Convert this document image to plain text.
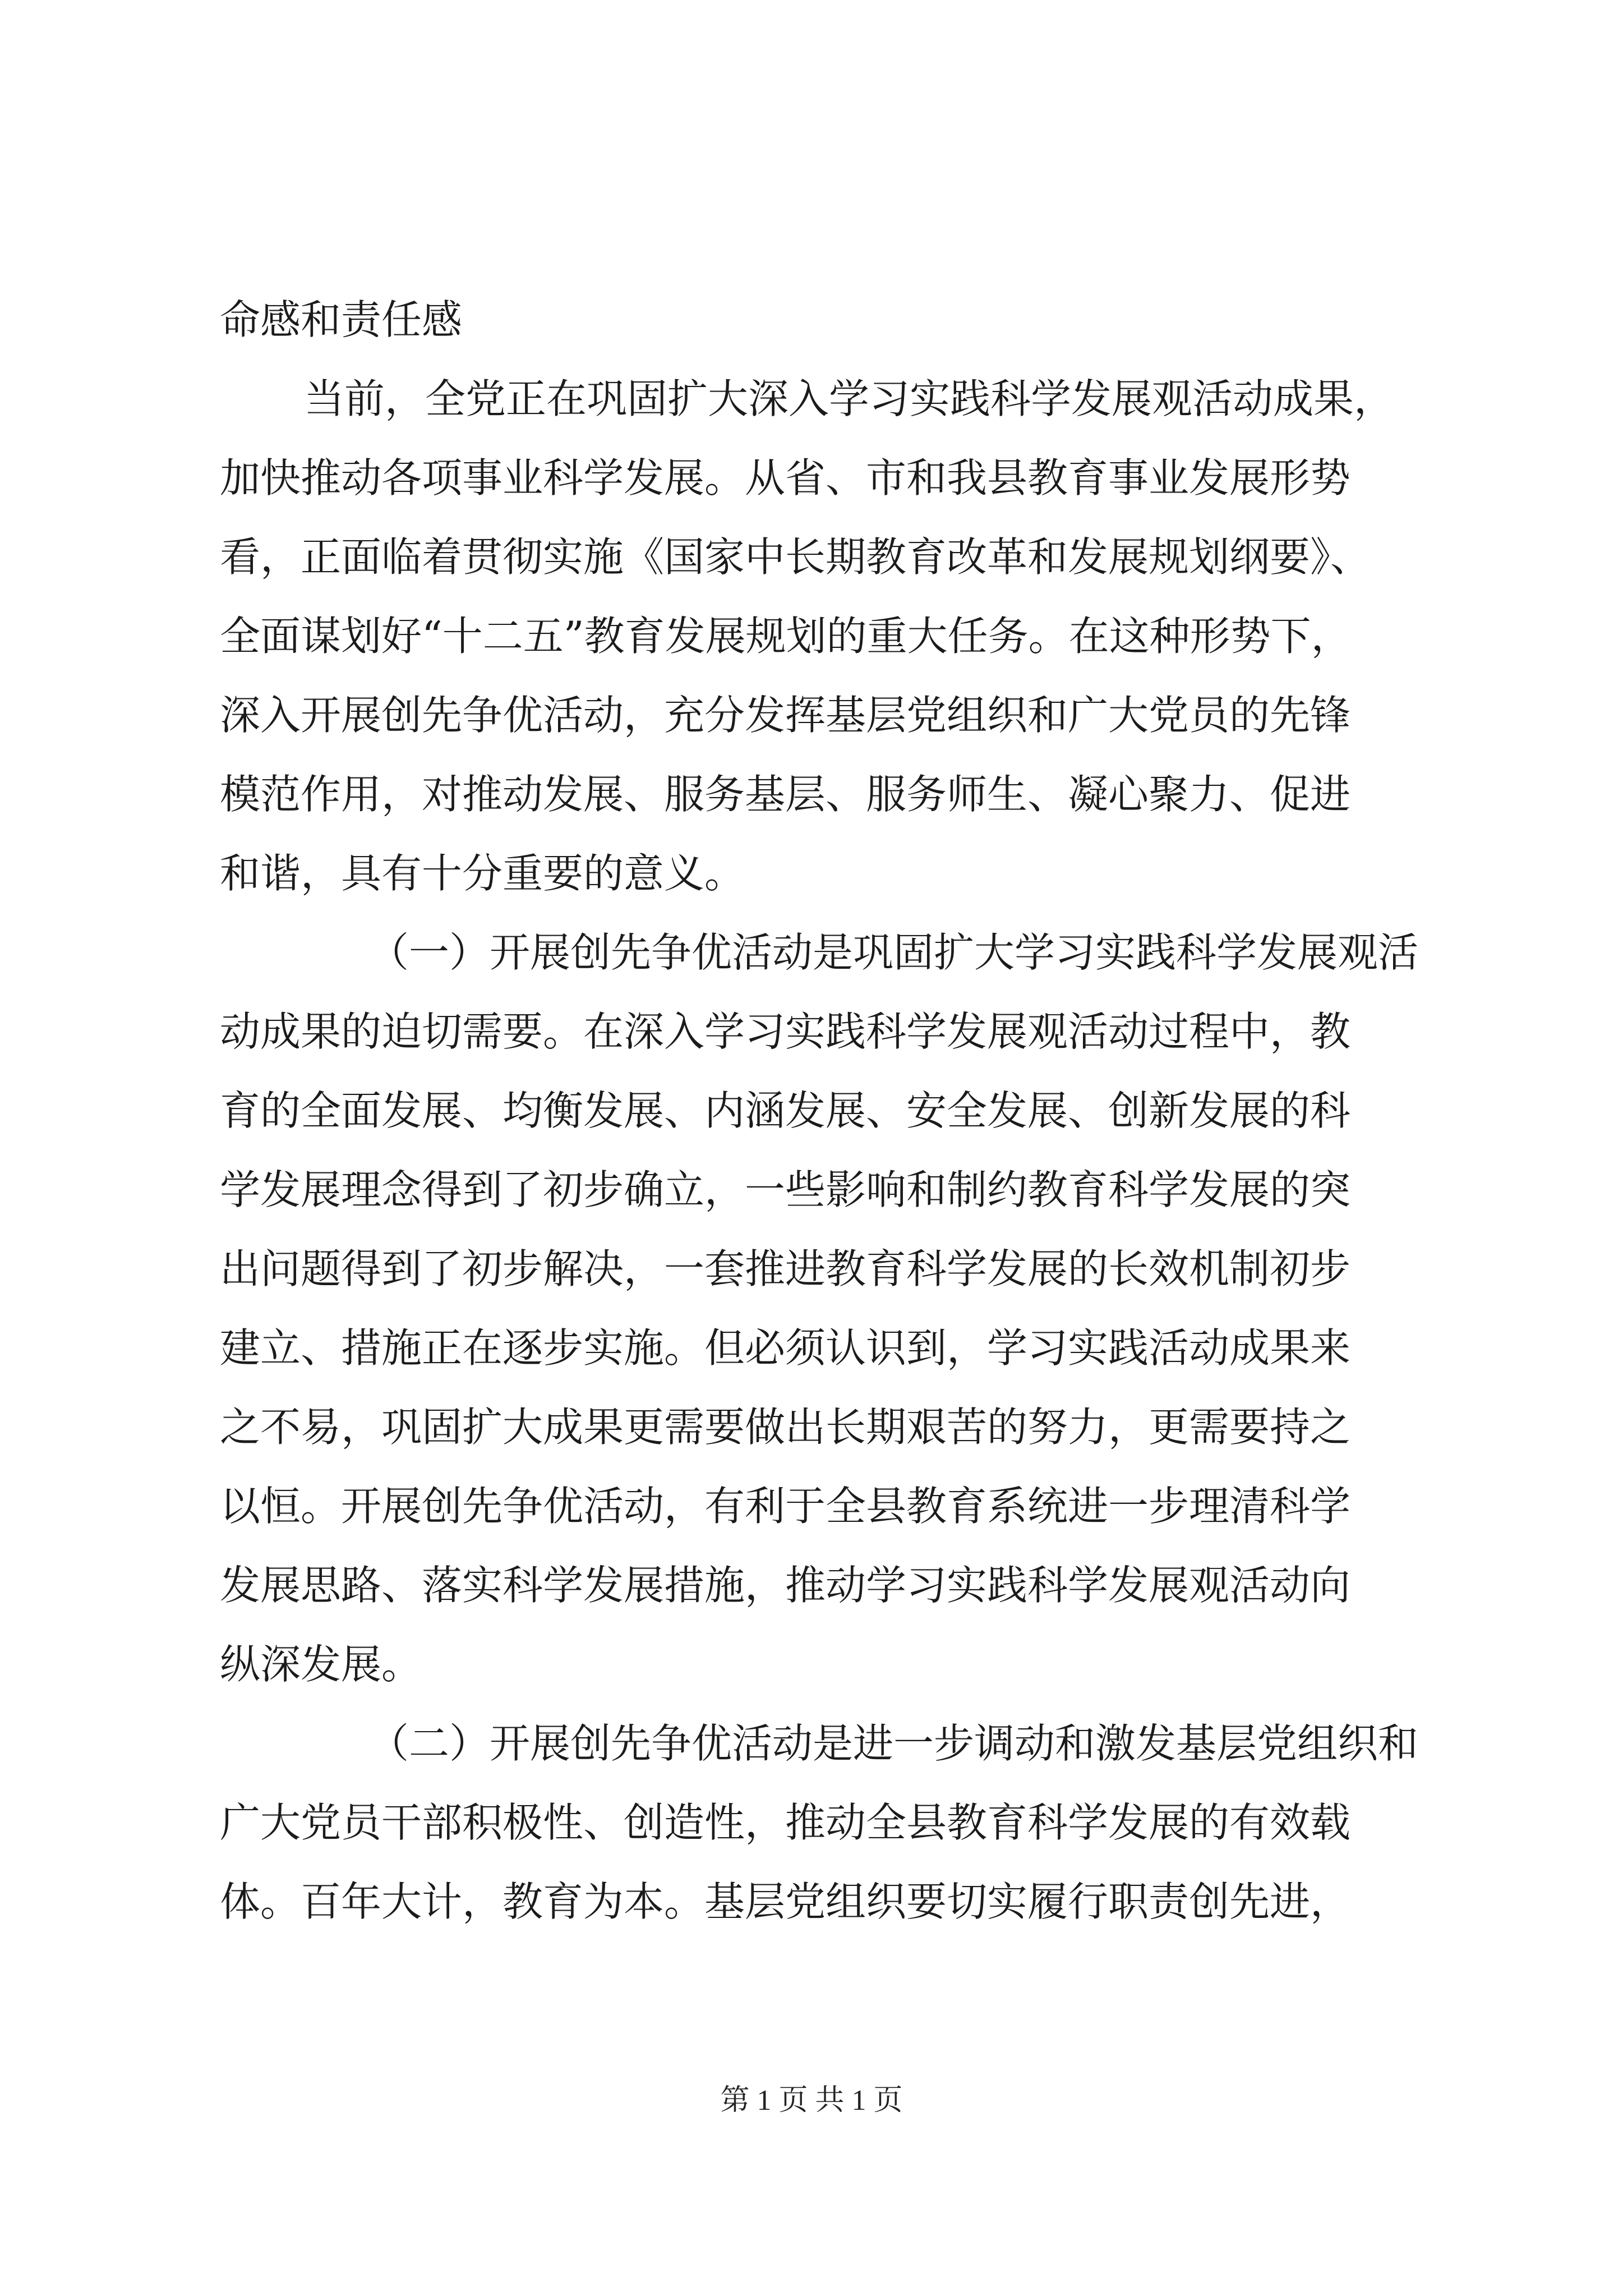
命感和责任感
当前，全党正在巩固扩大深入学习实践科学发展观活动成果，
加快推动各项事业科学发展。从省、市和我县教育事业发展形势
看，正面临着贯彻实施《国家中长期教育改革和发展规划纲要》、
全面谋划好“十二五”教育发展规划的重大任务。在这种形势下，
深入开展创先争优活动，充分发挥基层党组织和广大党员的先锋
模范作用，对推动发展、服务基层、服务师生、凝心聚力、促进
和谐，具有十分重要的意义。
（一）开展创先争优活动是巩固扩大学习实践科学发展观活
动成果的迫切需要。在深入学习实践科学发展观活动过程中，教
育的全面发展、均衡发展、内涵发展、安全发展、创新发展的科
学发展理念得到了初步确立，一些影响和制约教育科学发展的突
出问题得到了初步解决，一套推进教育科学发展的长效机制初步
建立、措施正在逐步实施。但必须认识到，学习实践活动成果来
之不易，巩固扩大成果更需要做出长期艰苦的努力，更需要持之
以恒。开展创先争优活动，有利于全县教育系统进一步理清科学
发展思路、落实科学发展措施，推动学习实践科学发展观活动向
纵深发展。
（二）开展创先争优活动是进一步调动和激发基层党组织和
广大党员干部积极性、创造性，推动全县教育科学发展的有效载
体。百年大计，教育为本。基层党组织要切实履行职责创先进，
第 1 页 共 1 页
